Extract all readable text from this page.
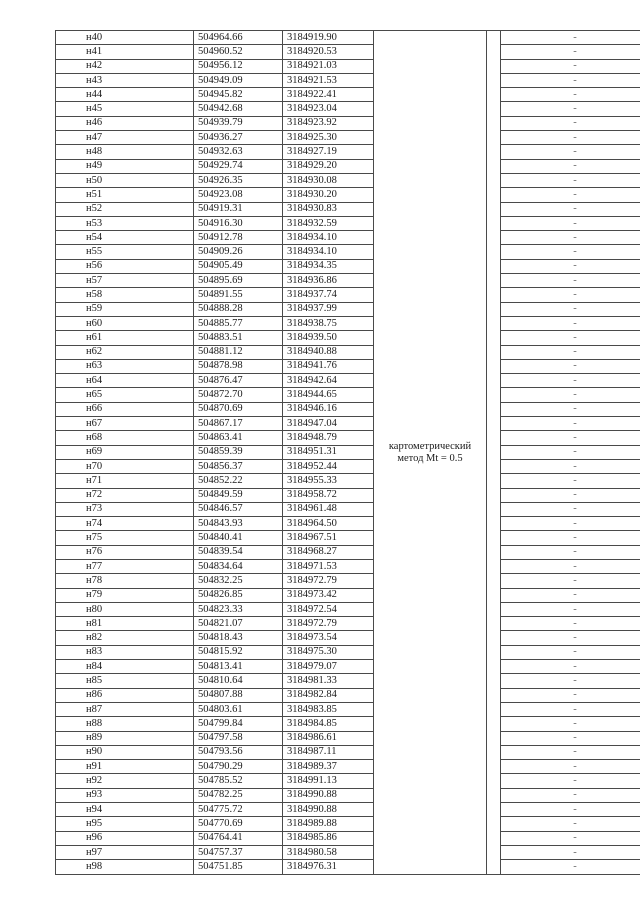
н40	504964.66	3184919.90	картометрический
метод Mt = 0.5		-
н41	504960.52	3184920.53			-
н42	504956.12	3184921.03			-
н43	504949.09	3184921.53			-
н44	504945.82	3184922.41			-
н45	504942.68	3184923.04			-
н46	504939.79	3184923.92			-
н47	504936.27	3184925.30			-
н48	504932.63	3184927.19			-
н49	504929.74	3184929.20			-
н50	504926.35	3184930.08			-
н51	504923.08	3184930.20			-
н52	504919.31	3184930.83			-
н53	504916.30	3184932.59			-
н54	504912.78	3184934.10			-
н55	504909.26	3184934.10			-
н56	504905.49	3184934.35			-
н57	504895.69	3184936.86			-
н58	504891.55	3184937.74			-
н59	504888.28	3184937.99			-
н60	504885.77	3184938.75			-
н61	504883.51	3184939.50			-
н62	504881.12	3184940.88			-
н63	504878.98	3184941.76			-
н64	504876.47	3184942.64			-
н65	504872.70	3184944.65			-
н66	504870.69	3184946.16			-
н67	504867.17	3184947.04			-
н68	504863.41	3184948.79			-
н69	504859.39	3184951.31			-
н70	504856.37	3184952.44			-
н71	504852.22	3184955.33			-
н72	504849.59	3184958.72			-
н73	504846.57	3184961.48			-
н74	504843.93	3184964.50			-
н75	504840.41	3184967.51			-
н76	504839.54	3184968.27			-
н77	504834.64	3184971.53			-
н78	504832.25	3184972.79			-
н79	504826.85	3184973.42			-
н80	504823.33	3184972.54			-
н81	504821.07	3184972.79			-
н82	504818.43	3184973.54			-
н83	504815.92	3184975.30			-
н84	504813.41	3184979.07			-
н85	504810.64	3184981.33			-
н86	504807.88	3184982.84			-
н87	504803.61	3184983.85			-
н88	504799.84	3184984.85			-
н89	504797.58	3184986.61			-
н90	504793.56	3184987.11			-
н91	504790.29	3184989.37			-
н92	504785.52	3184991.13			-
н93	504782.25	3184990.88			-
н94	504775.72	3184990.88			-
н95	504770.69	3184989.88			-
н96	504764.41	3184985.86			-
н97	504757.37	3184980.58			-
н98	504751.85	3184976.31			-
